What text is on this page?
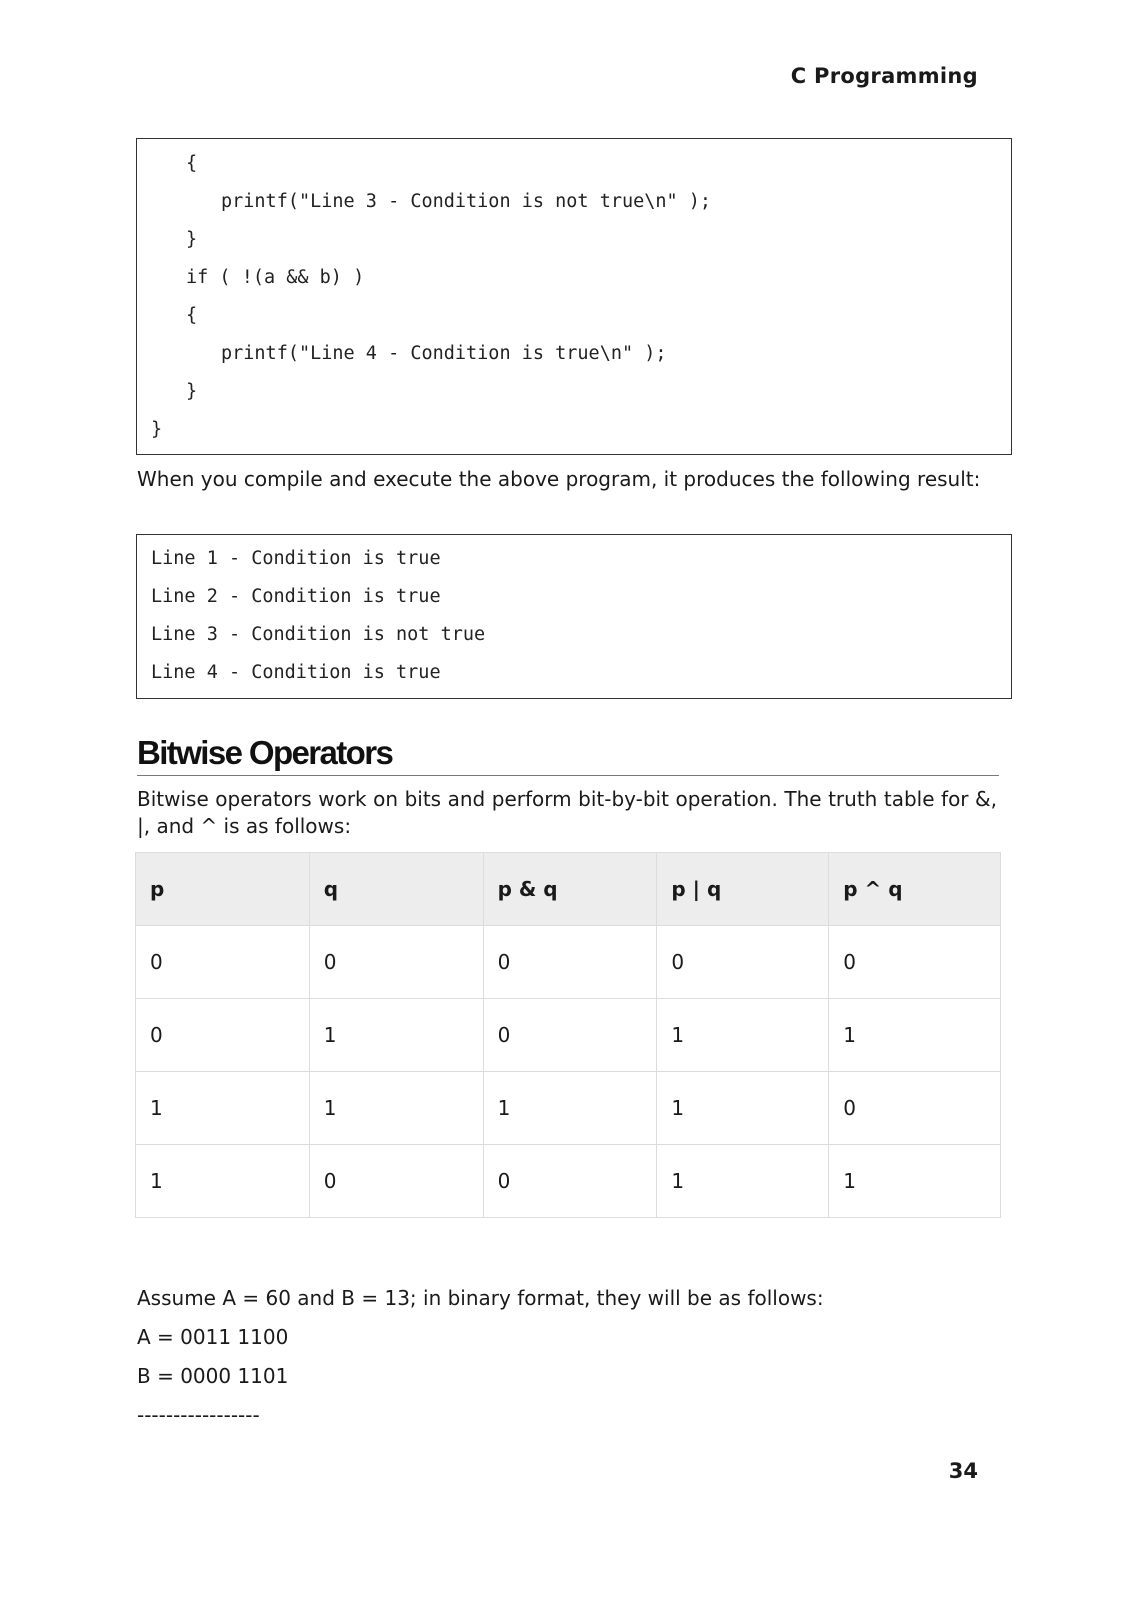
C Programming
{
printf("Line 3 - Condition is not true\n" );
}
if ( !(a && b) )
{
printf("Line 4 - Condition is true\n" );
}
}
When you compile and execute the above program, it produces the following result:
Line 1 - Condition is true
Line 2 - Condition is true
Line 3 - Condition is not true
Line 4 - Condition is true
Bitwise Operators
Bitwise operators work on bits and perform bit-by-bit operation. The truth table for &, |, and ^ is as follows:
p	q	p & q	p | q	p ^ q
0	0	0	0	0
0	1	0	1	1
1	1	1	1	0
1	0	0	1	1
Assume A = 60 and B = 13; in binary format, they will be as follows:
A = 0011 1100
B = 0000 1101
-----------------
34
